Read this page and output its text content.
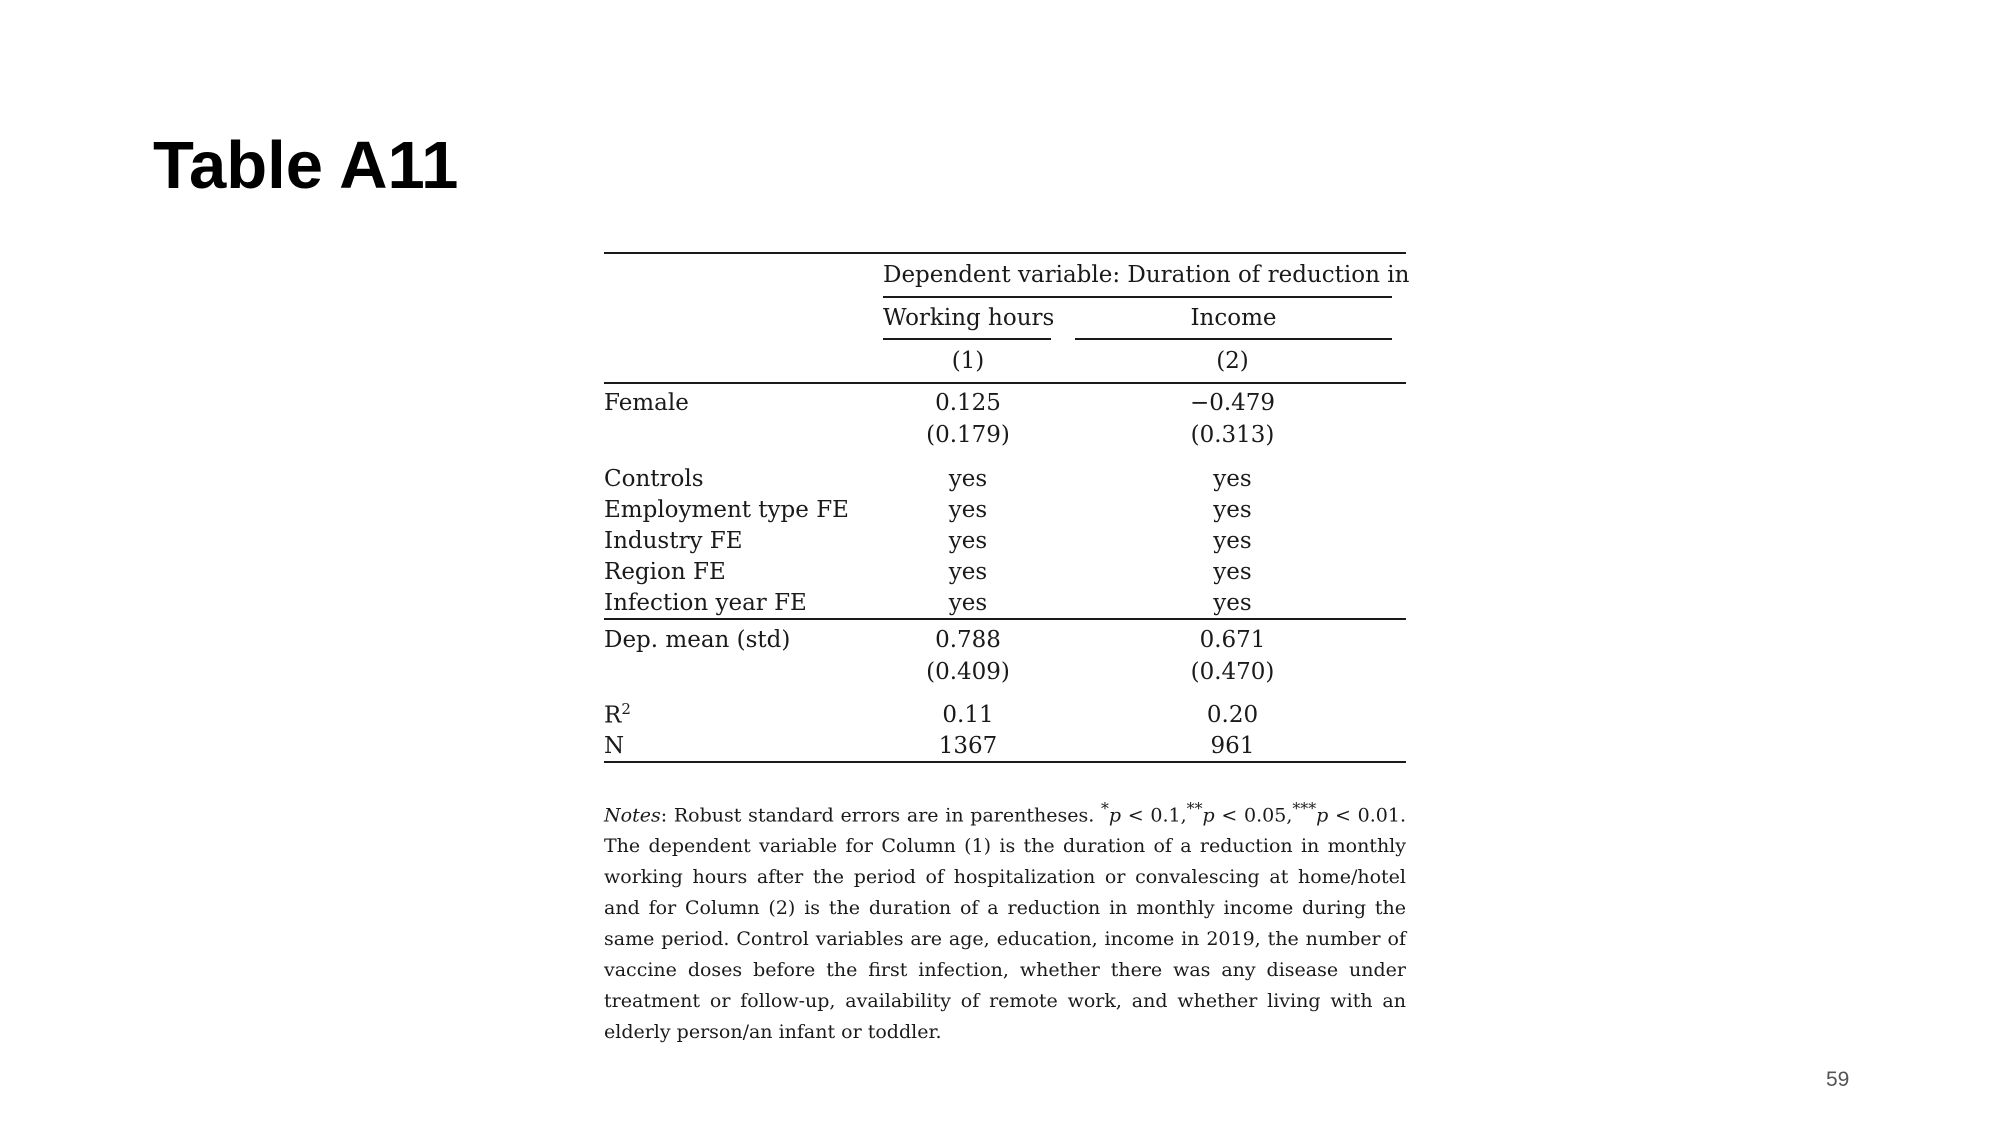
Table A11

	Dependent variable: Duration of reduction in	

	Working hours	Income

	(1)	(2)
Female	0.125	−0.479
	(0.179)	(0.313)

Controls	yes	yes
Employment type FE	yes	yes
Industry FE	yes	yes
Region FE	yes	yes
Infection year FE	yes	yes
Dep. mean (std)	0.788	0.671
	(0.409)	(0.470)

$R^2$	0.11	0.20
N	1367	961
Notes: Robust standard errors are in parentheses. *p < 0.1,**p < 0.05,***p < 0.01. The dependent variable for Column (1) is the duration of a reduction in monthly working hours after the period of hospitalization or convalescing at home/hotel and for Column (2) is the duration of a reduction in monthly income during the same period. Control variables are age, education, income in 2019, the number of vaccine doses before the first infection, whether there was any disease under treatment or follow-up, availability of remote work, and whether living with an elderly person/an infant or toddler.
59
